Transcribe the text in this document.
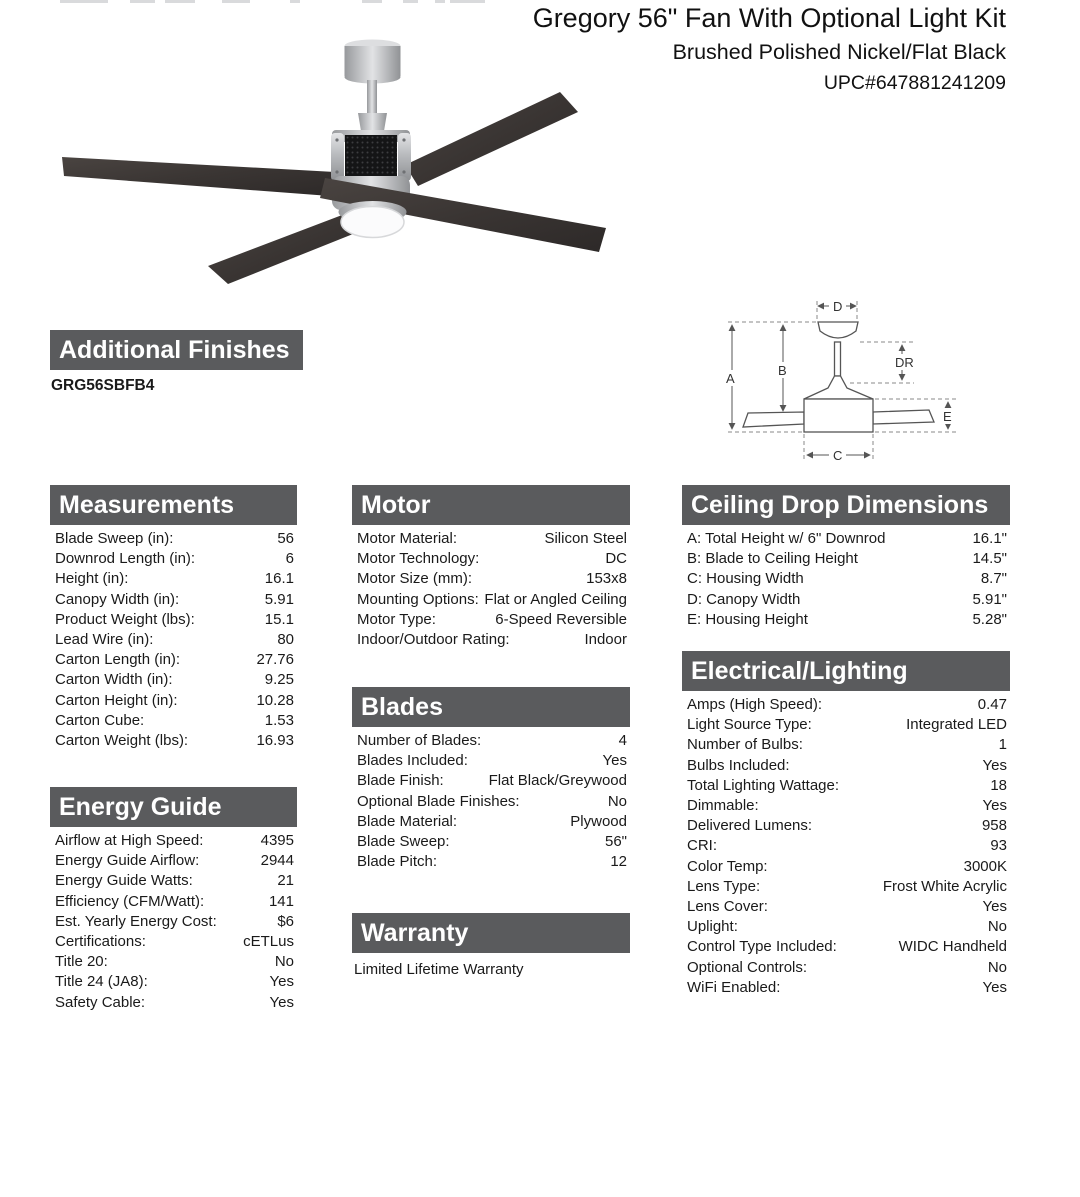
Gregory 56" Fan With Optional Light Kit
Brushed Polished Nickel/Flat Black
UPC#647881241209
A
B
D
DR
E
C
Additional Finishes
GRG56SBFB4
Measurements
Blade Sweep (in):	56
Downrod Length (in):	6
Height (in):	16.1
Canopy Width (in):	5.91
Product Weight (lbs):	15.1
Lead Wire (in):	80
Carton Length (in):	27.76
Carton Width (in):	9.25
Carton Height (in):	10.28
Carton Cube:	1.53
Carton Weight (lbs):	16.93
Energy Guide
Airflow at High Speed:	4395
Energy Guide Airflow:	2944
Energy Guide Watts:	21
Efficiency (CFM/Watt):	141
Est. Yearly Energy Cost:	$6
Certifications:	cETLus
Title 20:	No
Title 24 (JA8):	Yes
Safety Cable:	Yes
Motor
Motor Material:	Silicon Steel
Motor Technology:	DC
Motor Size (mm):	153x8
Mounting Options: Flat or Angled Ceiling
Motor Type:	6-Speed Reversible
Indoor/Outdoor Rating:	Indoor
Blades
Number of Blades:	4
Blades Included:	Yes
Blade Finish:	Flat Black/Greywood
Optional Blade Finishes:	No
Blade Material:	Plywood
Blade Sweep:	56"
Blade Pitch:	12
Warranty
Limited Lifetime Warranty
Ceiling Drop Dimensions
A: Total Height w/ 6" Downrod	16.1"
B: Blade to Ceiling Height	14.5"
C: Housing Width	8.7"
D: Canopy Width	5.91"
E: Housing Height	5.28"
Electrical/Lighting
Amps (High Speed):	0.47
Light Source Type:	Integrated LED
Number of Bulbs:	1
Bulbs Included:	Yes
Total Lighting Wattage:	18
Dimmable:	Yes
Delivered Lumens:	958
CRI:	93
Color Temp:	3000K
Lens Type:	Frost White Acrylic
Lens Cover:	Yes
Uplight:	No
Control Type Included:	WIDC Handheld
Optional Controls:	No
WiFi Enabled:	Yes
